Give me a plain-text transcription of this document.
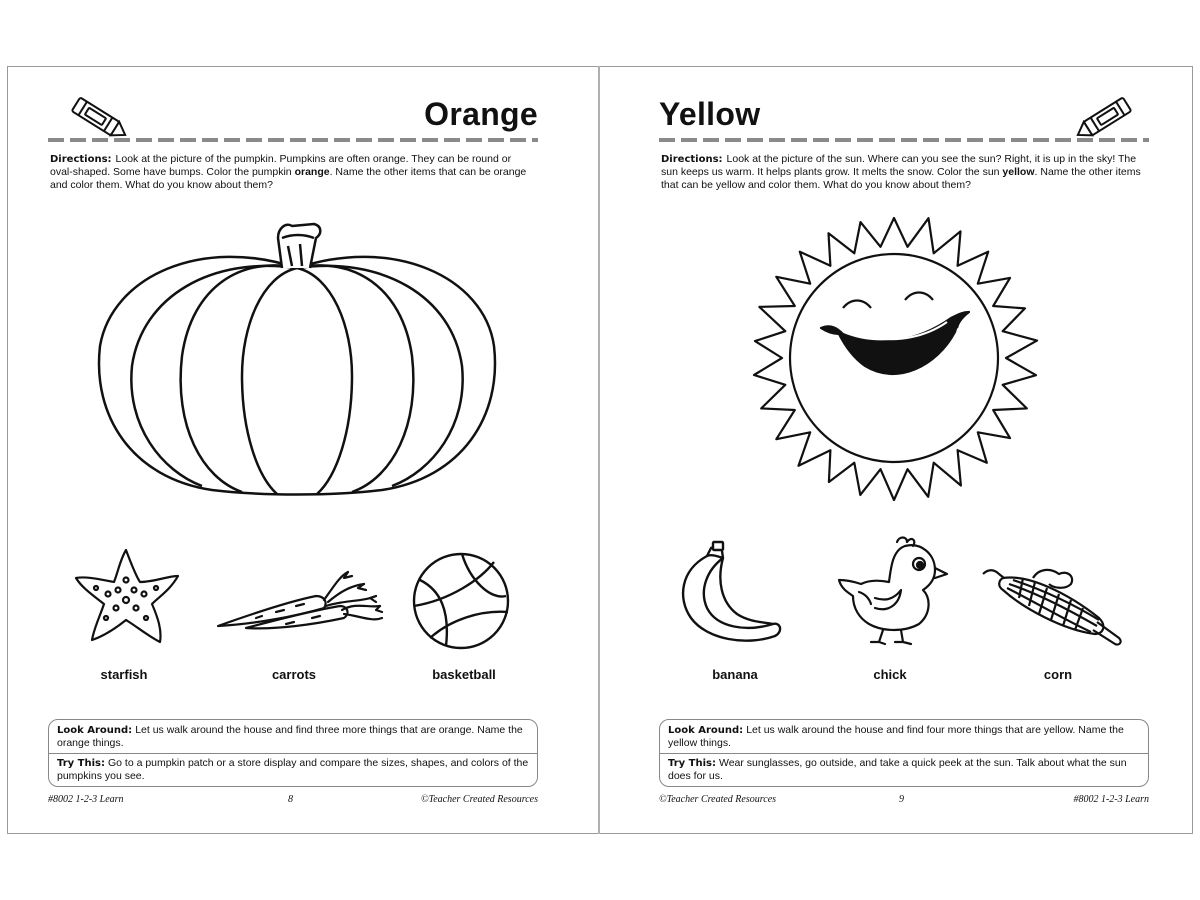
Orange
Directions: Look at the picture of the pumpkin. Pumpkins are often orange. They can be round or oval-shaped. Some have bumps. Color the pumpkin orange. Name the other items that can be orange and color them. What do you know about them?
starfish	carrots	basketball
Look Around: Let us walk around the house and find three more things that are orange. Name the orange things.
Try This: Go to a pumpkin patch or a store display and compare the sizes, shapes, and colors of the pumpkins you see.
#8002 1-2-3 Learn	8	©Teacher Created Resources
Yellow
Directions: Look at the picture of the sun. Where can you see the sun? Right, it is up in the sky! The sun keeps us warm. It helps plants grow. It melts the snow. Color the sun yellow. Name the other items that can be yellow and color them. What do you know about them?
banana	chick	corn
Look Around: Let us walk around the house and find four more things that are yellow. Name the yellow things.
Try This: Wear sunglasses, go outside, and take a quick peek at the sun. Talk about what the sun does for us.
©Teacher Created Resources	9	#8002 1-2-3 Learn
